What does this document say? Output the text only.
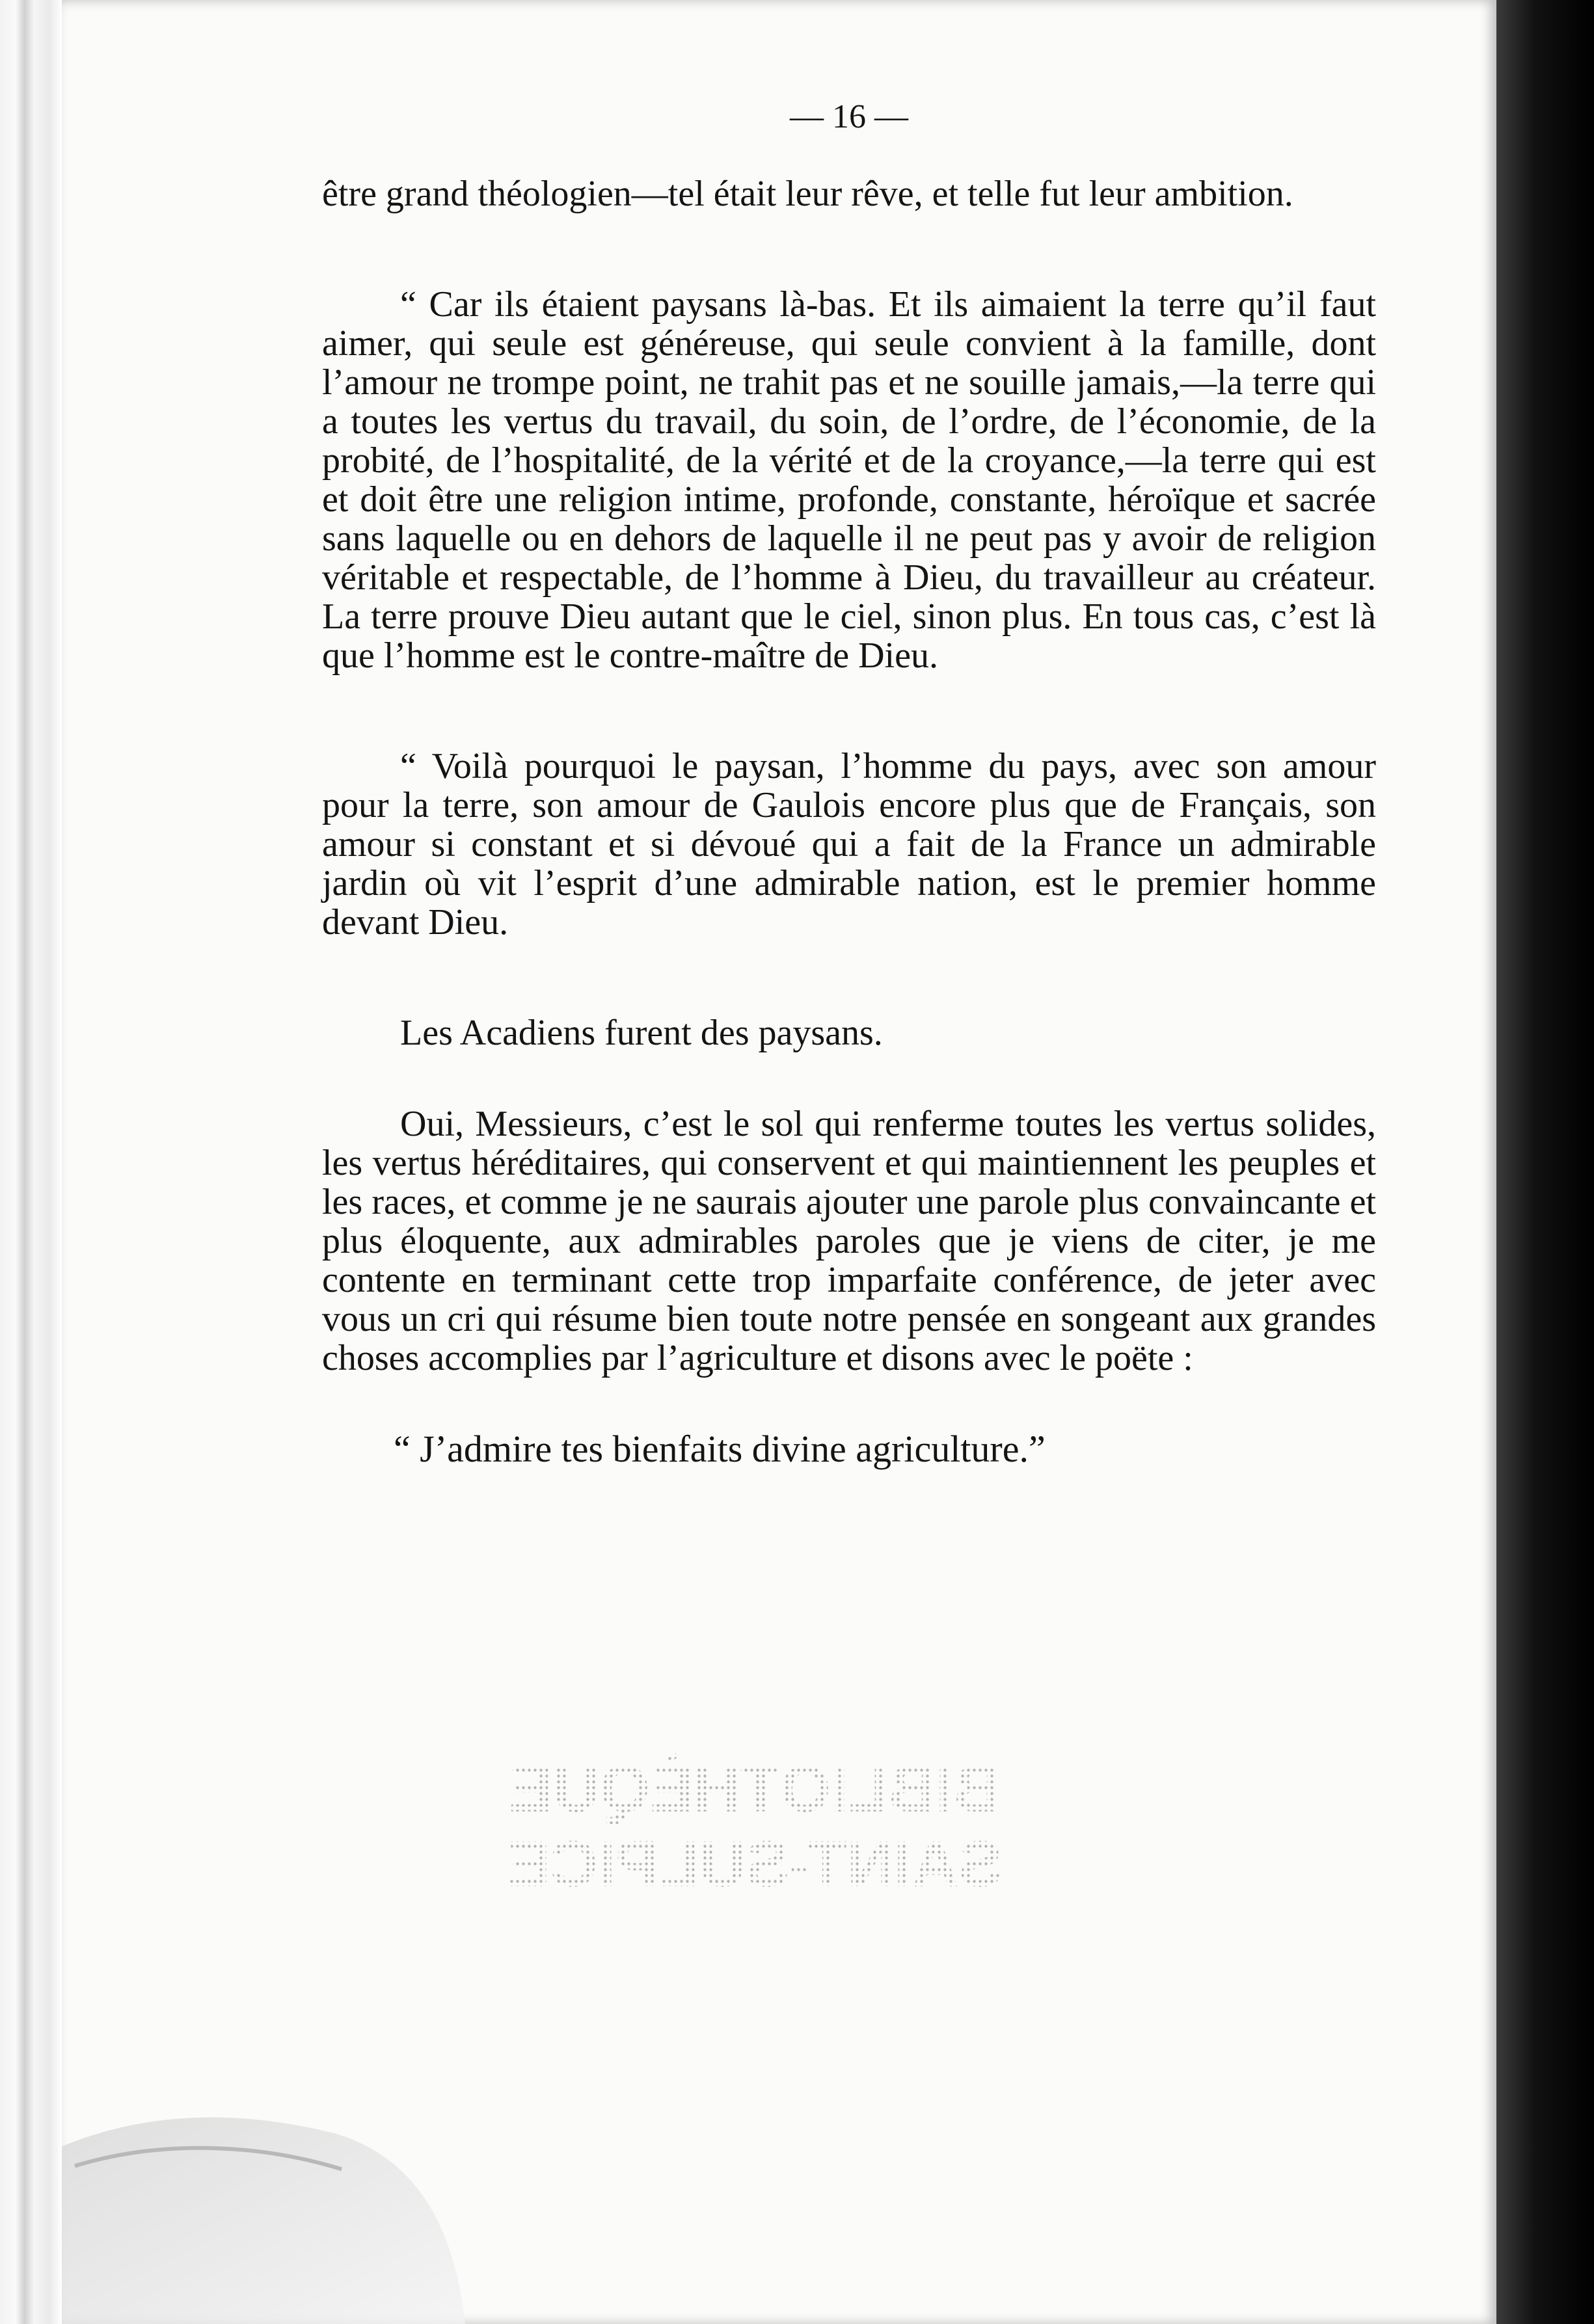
— 16 —

être grand théologien—tel était leur rêve, et telle fut leur ambition.

“ Car ils étaient paysans là-bas. Et ils aimaient la terre qu’il faut aimer, qui seule est généreuse, qui seule convient à la famille, dont l’amour ne trompe point, ne trahit pas et ne souille jamais,—la terre qui a toutes les vertus du travail, du soin, de l’ordre, de l’économie, de la probité, de l’hospitalité, de la vérité et de la croyance,—la terre qui est et doit être une religion intime, profonde, constante, héroïque et sacrée sans laquelle ou en dehors de laquelle il ne peut pas y avoir de religion véritable et respectable, de l’homme à Dieu, du travailleur au créateur. La terre prouve Dieu autant que le ciel, sinon plus. En tous cas, c’est là que l’homme est le contre-maître de Dieu.

“ Voilà pourquoi le paysan, l’homme du pays, avec son amour pour la terre, son amour de Gaulois encore plus que de Français, son amour si constant et si dévoué qui a fait de la France un admirable jardin où vit l’esprit d’une admirable nation, est le premier homme devant Dieu.

Les Acadiens furent des paysans.

Oui, Messieurs, c’est le sol qui renferme toutes les vertus solides, les vertus héréditaires, qui conservent et qui maintiennent les peuples et les races, et comme je ne saurais ajouter une parole plus convaincante et plus éloquente, aux admirables paroles que je viens de citer, je me contente en terminant cette trop imparfaite conférence, de jeter avec vous un cri qui résume bien toute notre pensée en songeant aux grandes choses accomplies par l’agriculture et disons avec le poëte :

“ J’admire tes bienfaits divine agriculture.”

BIBLIOTHÈQUE
SAINT-SULPICE
